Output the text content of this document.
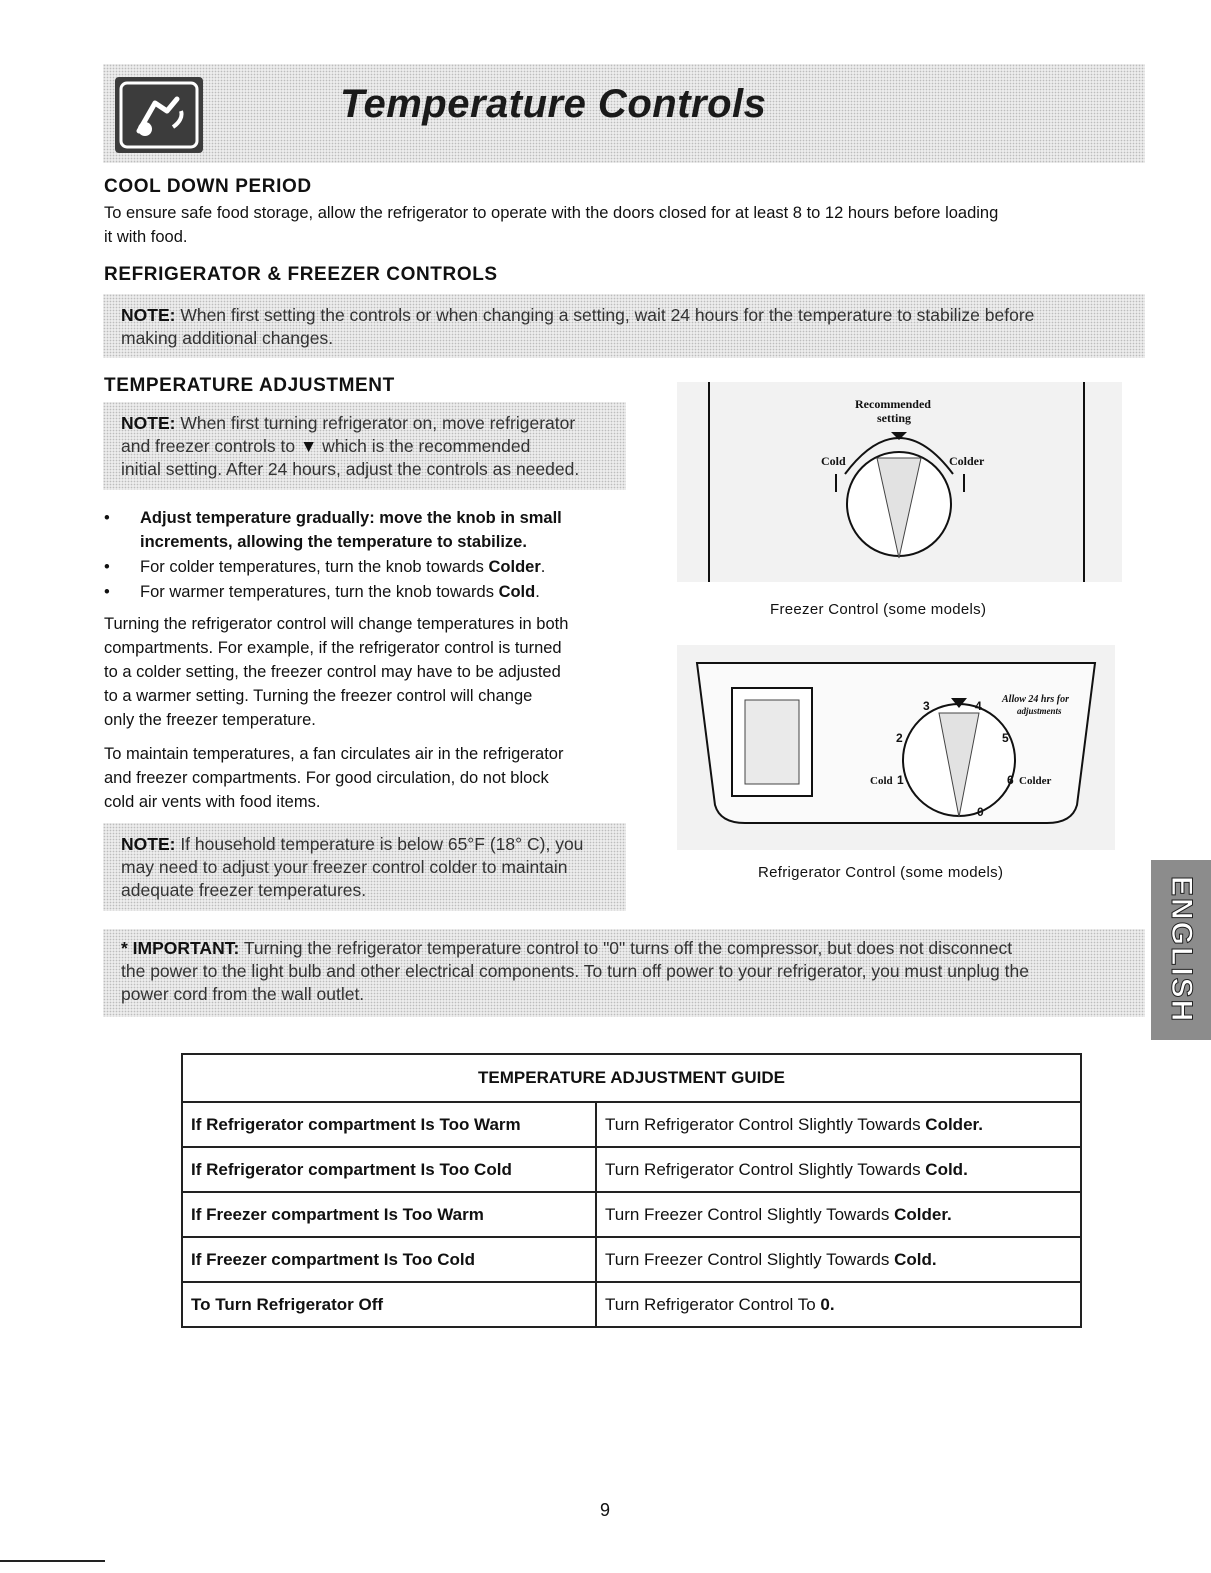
Temperature Controls
COOL DOWN PERIOD

To ensure safe food storage, allow the refrigerator to operate with the doors closed for at least 8 to 12 hours before loading

it with food.

REFRIGERATOR & FREEZER CONTROLS
NOTE: When first setting the controls or when changing a setting, wait 24 hours for the temperature to stabilize before
making additional changes.
TEMPERATURE ADJUSTMENT
NOTE: When first turning refrigerator on, move refrigerator
and freezer controls to ▼ which is the recommended
initial setting. After 24 hours, adjust the controls as needed.
• Adjust temperature gradually: move the knob in small
increments, allowing the temperature to stabilize.
• For colder temperatures, turn the knob towards Colder.
• For warmer temperatures, turn the knob towards Cold.

Turning the refrigerator control will change temperatures in both

compartments. For example, if the refrigerator control is turned

to a colder setting, the freezer control may have to be adjusted

to a warmer setting. Turning the freezer control will change

only the freezer temperature.

To maintain temperatures, a fan circulates air in the refrigerator

and freezer compartments. For good circulation, do not block

cold air vents with food items.

NOTE: If household temperature is below 65°F (18° C), you
may need to adjust your freezer control colder to maintain
adequate freezer temperatures.
Recommended
setting
Cold	Colder
Freezer Control (some models)
3	4
2	5
1	6
0
Cold	Colder
Allow 24 hrs for
adjustments
Refrigerator Control (some models)
* IMPORTANT: Turning the refrigerator temperature control to "0" turns off the compressor, but does not disconnect
the power to the light bulb and other electrical components. To turn off power to your refrigerator, you must unplug the
power cord from the wall outlet.	ENGLISH
TEMPERATURE ADJUSTMENT GUIDE	
If Refrigerator compartment Is Too Warm	Turn Refrigerator Control Slightly Towards Colder.
If Refrigerator compartment Is Too Cold	Turn Refrigerator Control Slightly Towards Cold.
If Freezer compartment Is Too Warm	Turn Freezer Control Slightly Towards Colder.
If Freezer compartment Is Too Cold	Turn Freezer Control Slightly Towards Cold.
To Turn Refrigerator Off	Turn Refrigerator Control To 0.
9
